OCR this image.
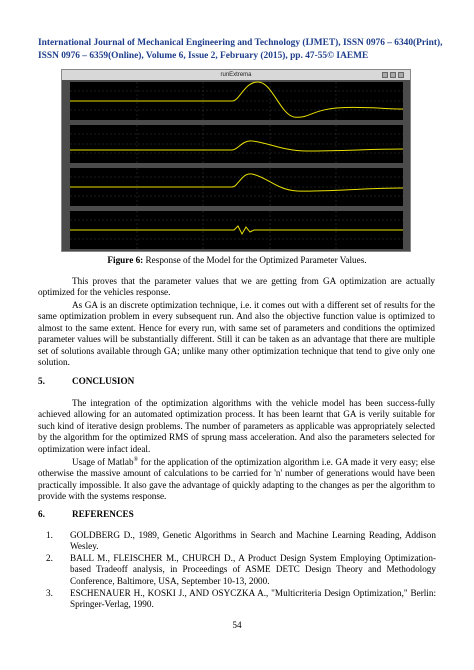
International Journal of Mechanical Engineering and Technology (IJMET), ISSN 0976 – 6340(Print),
ISSN 0976 – 6359(Online), Volume 6, Issue 2, February (2015), pp. 47-55© IAEME
runExtrema
Figure 6: Response of the Model for the Optimized Parameter Values.
This proves that the parameter values that we are getting from GA optimization are actually optimized for the vehicles response.
As GA is an discrete optimization technique, i.e. it comes out with a different set of results for the same optimization problem in every subsequent run. And also the objective function value is optimized to almost to the same extent. Hence for every run, with same set of parameters and conditions the optimized parameter values will be substantially different. Still it can be taken as an advantage that there are multiple set of solutions available through GA; unlike many other optimization technique that tend to give only one solution.
5.	CONCLUSION
The integration of the optimization algorithms with the vehicle model has been success-fully achieved allowing for an automated optimization process. It has been learnt that GA is verily suitable for such kind of iterative design problems. The number of parameters as applicable was appropriately selected by the algorithm for the optimized RMS of sprung mass acceleration. And also the parameters selected for optimization were infact ideal.
Usage of Matlab® for the application of the optimization algorithm i.e. GA made it very easy; else otherwise the massive amount of calculations to be carried for 'n' number of generations would have been practically impossible. It also gave the advantage of quickly adapting to the changes as per the algorithm to provide with the systems response.
6.	REFERENCES
1. GOLDBERG D., 1989, Genetic Algorithms in Search and Machine Learning Reading, Addison Wesley.
2. BALL M., FLEISCHER M., CHURCH D., A Product Design System Employing Optimization-based Tradeoff analysis, in Proceedings of ASME DETC Design Theory and Methodology Conference, Baltimore, USA, September 10-13, 2000.
3. ESCHENAUER H., KOSKI J., AND OSYCZKA A., "Multicriteria Design Optimization," Berlin: Springer-Verlag, 1990.
54
